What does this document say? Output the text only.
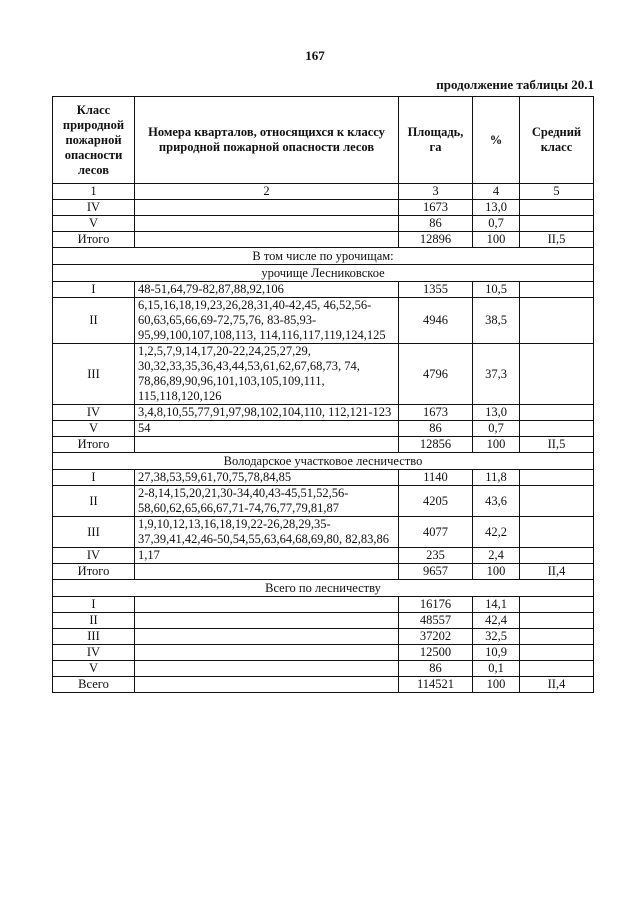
167
продолжение таблицы 20.1
Класс природной пожарной опасности лесов	Номера кварталов, относящихся к классу природной пожарной опасности лесов	Площадь, га	%	Средний класс
1	2	3	4	5
IV		1673	13,0	
V		86	0,7	
Итого		12896	100	II,5
В том числе по урочищам:				
урочище Лесниковское				
I	48-51,64,79-82,87,88,92,106	1355	10,5	
II	6,15,16,18,19,23,26,28,31,40-42,45, 46,52,56-60,63,65,66,69-72,75,76, 83-85,93-95,99,100,107,108,113, 114,116,117,119,124,125	4946	38,5	
III	1,2,5,7,9,14,17,20-22,24,25,27,29, 30,32,33,35,36,43,44,53,61,62,67,68,73, 74, 78,86,89,90,96,101,103,105,109,111, 115,118,120,126	4796	37,3	
IV	3,4,8,10,55,77,91,97,98,102,104,110, 112,121-123	1673	13,0	
V	54	86	0,7	
Итого		12856	100	II,5
Володарское участковое лесничество				
I	27,38,53,59,61,70,75,78,84,85	1140	11,8	
II	2-8,14,15,20,21,30-34,40,43-45,51,52,56- 58,60,62,65,66,67,71-74,76,77,79,81,87	4205	43,6	
III	1,9,10,12,13,16,18,19,22-26,28,29,35- 37,39,41,42,46-50,54,55,63,64,68,69,80, 82,83,86	4077	42,2	
IV	1,17	235	2,4	
Итого		9657	100	II,4
Всего по лесничеству				
I		16176	14,1	
II		48557	42,4	
III		37202	32,5	
IV		12500	10,9	
V		86	0,1	
Всего		114521	100	II,4
